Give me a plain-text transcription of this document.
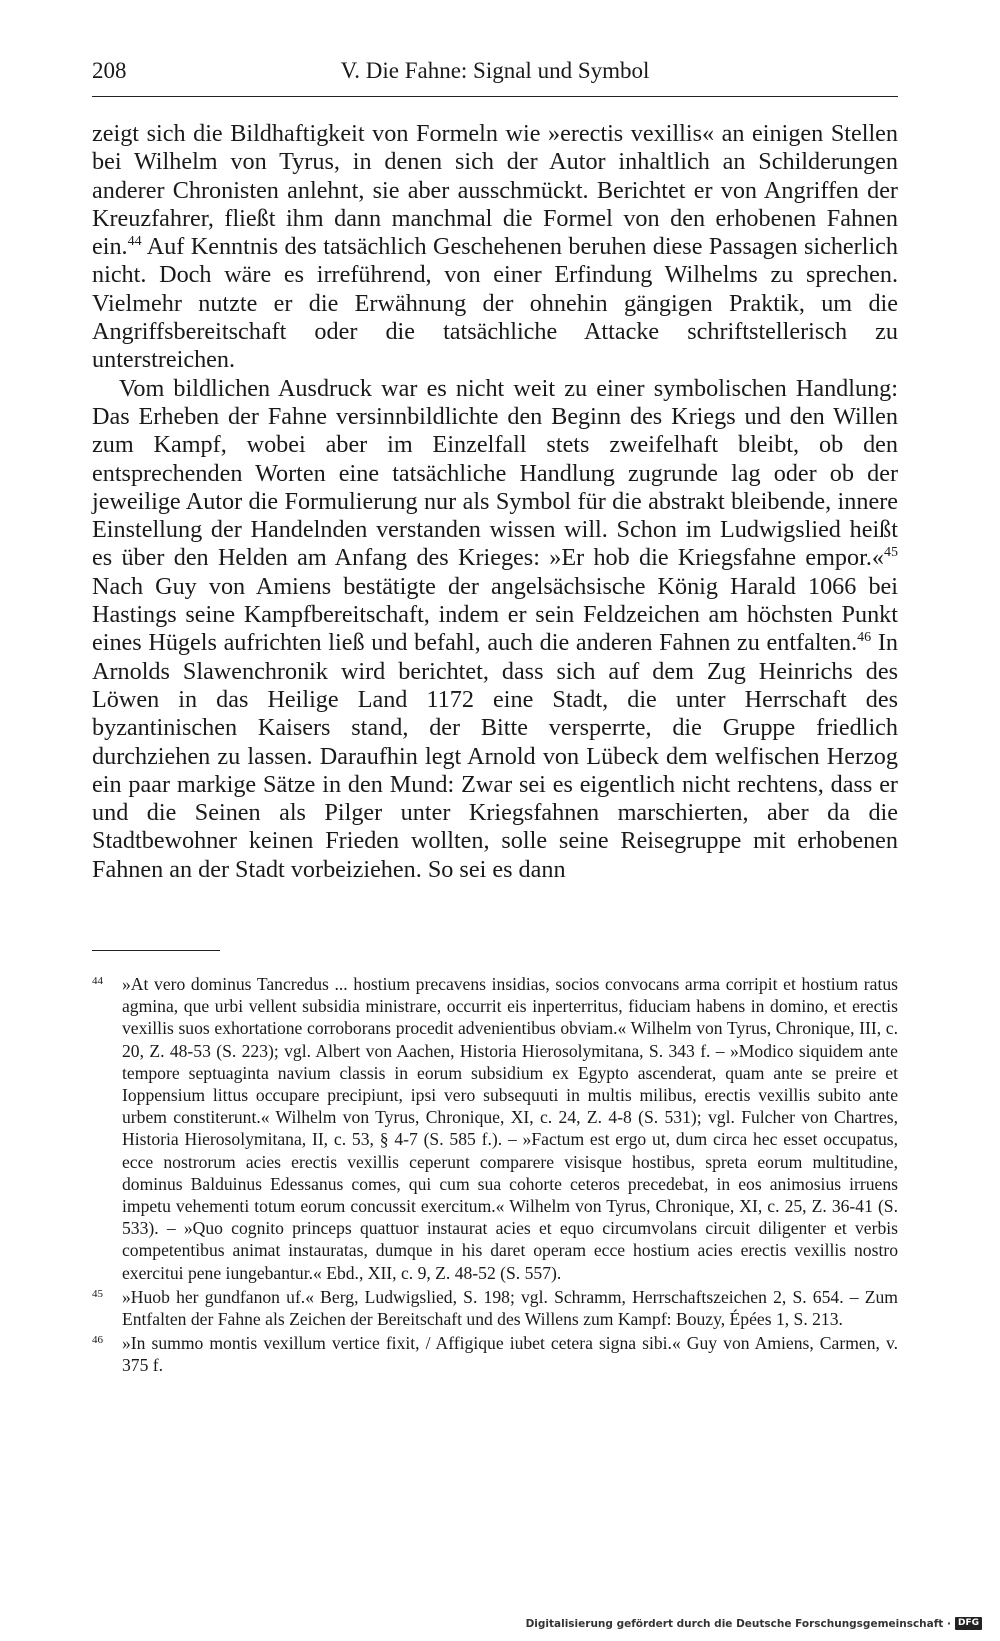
208	V. Die Fahne: Signal und Symbol

zeigt sich die Bildhaftigkeit von Formeln wie »erectis vexillis« an einigen Stellen bei Wilhelm von Tyrus, in denen sich der Autor inhaltlich an Schilderungen anderer Chronisten anlehnt, sie aber ausschmückt. Berichtet er von Angriffen der Kreuzfahrer, fließt ihm dann manchmal die Formel von den erhobenen Fahnen ein.$^{44}$ Auf Kenntnis des tatsächlich Geschehenen beruhen diese Passagen sicherlich nicht. Doch wäre es irreführend, von einer Erfindung Wilhelms zu sprechen. Vielmehr nutzte er die Erwähnung der ohnehin gängigen Praktik, um die Angriffsbereitschaft oder die tatsächliche Attacke schriftstellerisch zu unterstreichen.

Vom bildlichen Ausdruck war es nicht weit zu einer symbolischen Handlung: Das Erheben der Fahne versinnbildlichte den Beginn des Kriegs und den Willen zum Kampf, wobei aber im Einzelfall stets zweifelhaft bleibt, ob den entsprechenden Worten eine tatsächliche Handlung zugrunde lag oder ob der jeweilige Autor die Formulierung nur als Symbol für die abstrakt bleibende, innere Einstellung der Handelnden verstanden wissen will. Schon im Ludwigslied heißt es über den Helden am Anfang des Krieges: »Er hob die Kriegsfahne empor.«$^{45}$ Nach Guy von Amiens bestätigte der angelsächsische König Harald 1066 bei Hastings seine Kampfbereitschaft, indem er sein Feldzeichen am höchsten Punkt eines Hügels aufrichten ließ und befahl, auch die anderen Fahnen zu entfalten.$^{46}$ In Arnolds Slawenchronik wird berichtet, dass sich auf dem Zug Heinrichs des Löwen in das Heilige Land 1172 eine Stadt, die unter Herrschaft des byzantinischen Kaisers stand, der Bitte versperrte, die Gruppe friedlich durchziehen zu lassen. Daraufhin legt Arnold von Lübeck dem welfischen Herzog ein paar markige Sätze in den Mund: Zwar sei es eigentlich nicht rechtens, dass er und die Seinen als Pilger unter Kriegsfahnen marschierten, aber da die Stadtbewohner keinen Frieden wollten, solle seine Reisegruppe mit erhobenen Fahnen an der Stadt vorbeiziehen. So sei es dann

44	»At vero dominus Tancredus ... hostium precavens insidias, socios convocans arma corripit et hostium ratus agmina, que urbi vellent subsidia ministrare, occurrit eis inperterritus, fiduciam habens in domino, et erectis vexillis suos exhortatione corroborans procedit advenientibus obviam.« Wilhelm von Tyrus, Chronique, III, c. 20, Z. 48-53 (S. 223); vgl. Albert von Aachen, Historia Hierosolymitana, S. 343 f. – »Modico siquidem ante tempore septuaginta navium classis in eorum subsidium ex Egypto ascenderat, quam ante se preire et Ioppensium littus occupare precipiunt, ipsi vero subsequuti in multis milibus, erectis vexillis subito ante urbem constiterunt.« Wilhelm von Tyrus, Chronique, XI, c. 24, Z. 4-8 (S. 531); vgl. Fulcher von Chartres, Historia Hierosolymitana, II, c. 53, § 4-7 (S. 585 f.). – »Factum est ergo ut, dum circa hec esset occupatus, ecce nostrorum acies erectis vexillis ceperunt comparere visisque hostibus, spreta eorum multitudine, dominus Balduinus Edessanus comes, qui cum sua cohorte ceteros precedebat, in eos animosius irruens impetu vehementi totum eorum concussit exercitum.« Wilhelm von Tyrus, Chronique, XI, c. 25, Z. 36-41 (S. 533). – »Quo cognito princeps quattuor instaurat acies et equo circumvolans circuit diligenter et verbis competentibus animat instauratas, dumque in his daret operam ecce hostium acies erectis vexillis nostro exercitui pene iungebantur.« Ebd., XII, c. 9, Z. 48-52 (S. 557).
45	»Huob her gundfanon uf.« Berg, Ludwigslied, S. 198; vgl. Schramm, Herrschaftszeichen 2, S. 654. – Zum Entfalten der Fahne als Zeichen der Bereitschaft und des Willens zum Kampf: Bouzy, Épées 1, S. 213.
46	»In summo montis vexillum vertice fixit, / Affigique iubet cetera signa sibi.« Guy von Amiens, Carmen, v. 375 f.
Digitalisierung gefördert durch die Deutsche Forschungsgemeinschaft · DFG
